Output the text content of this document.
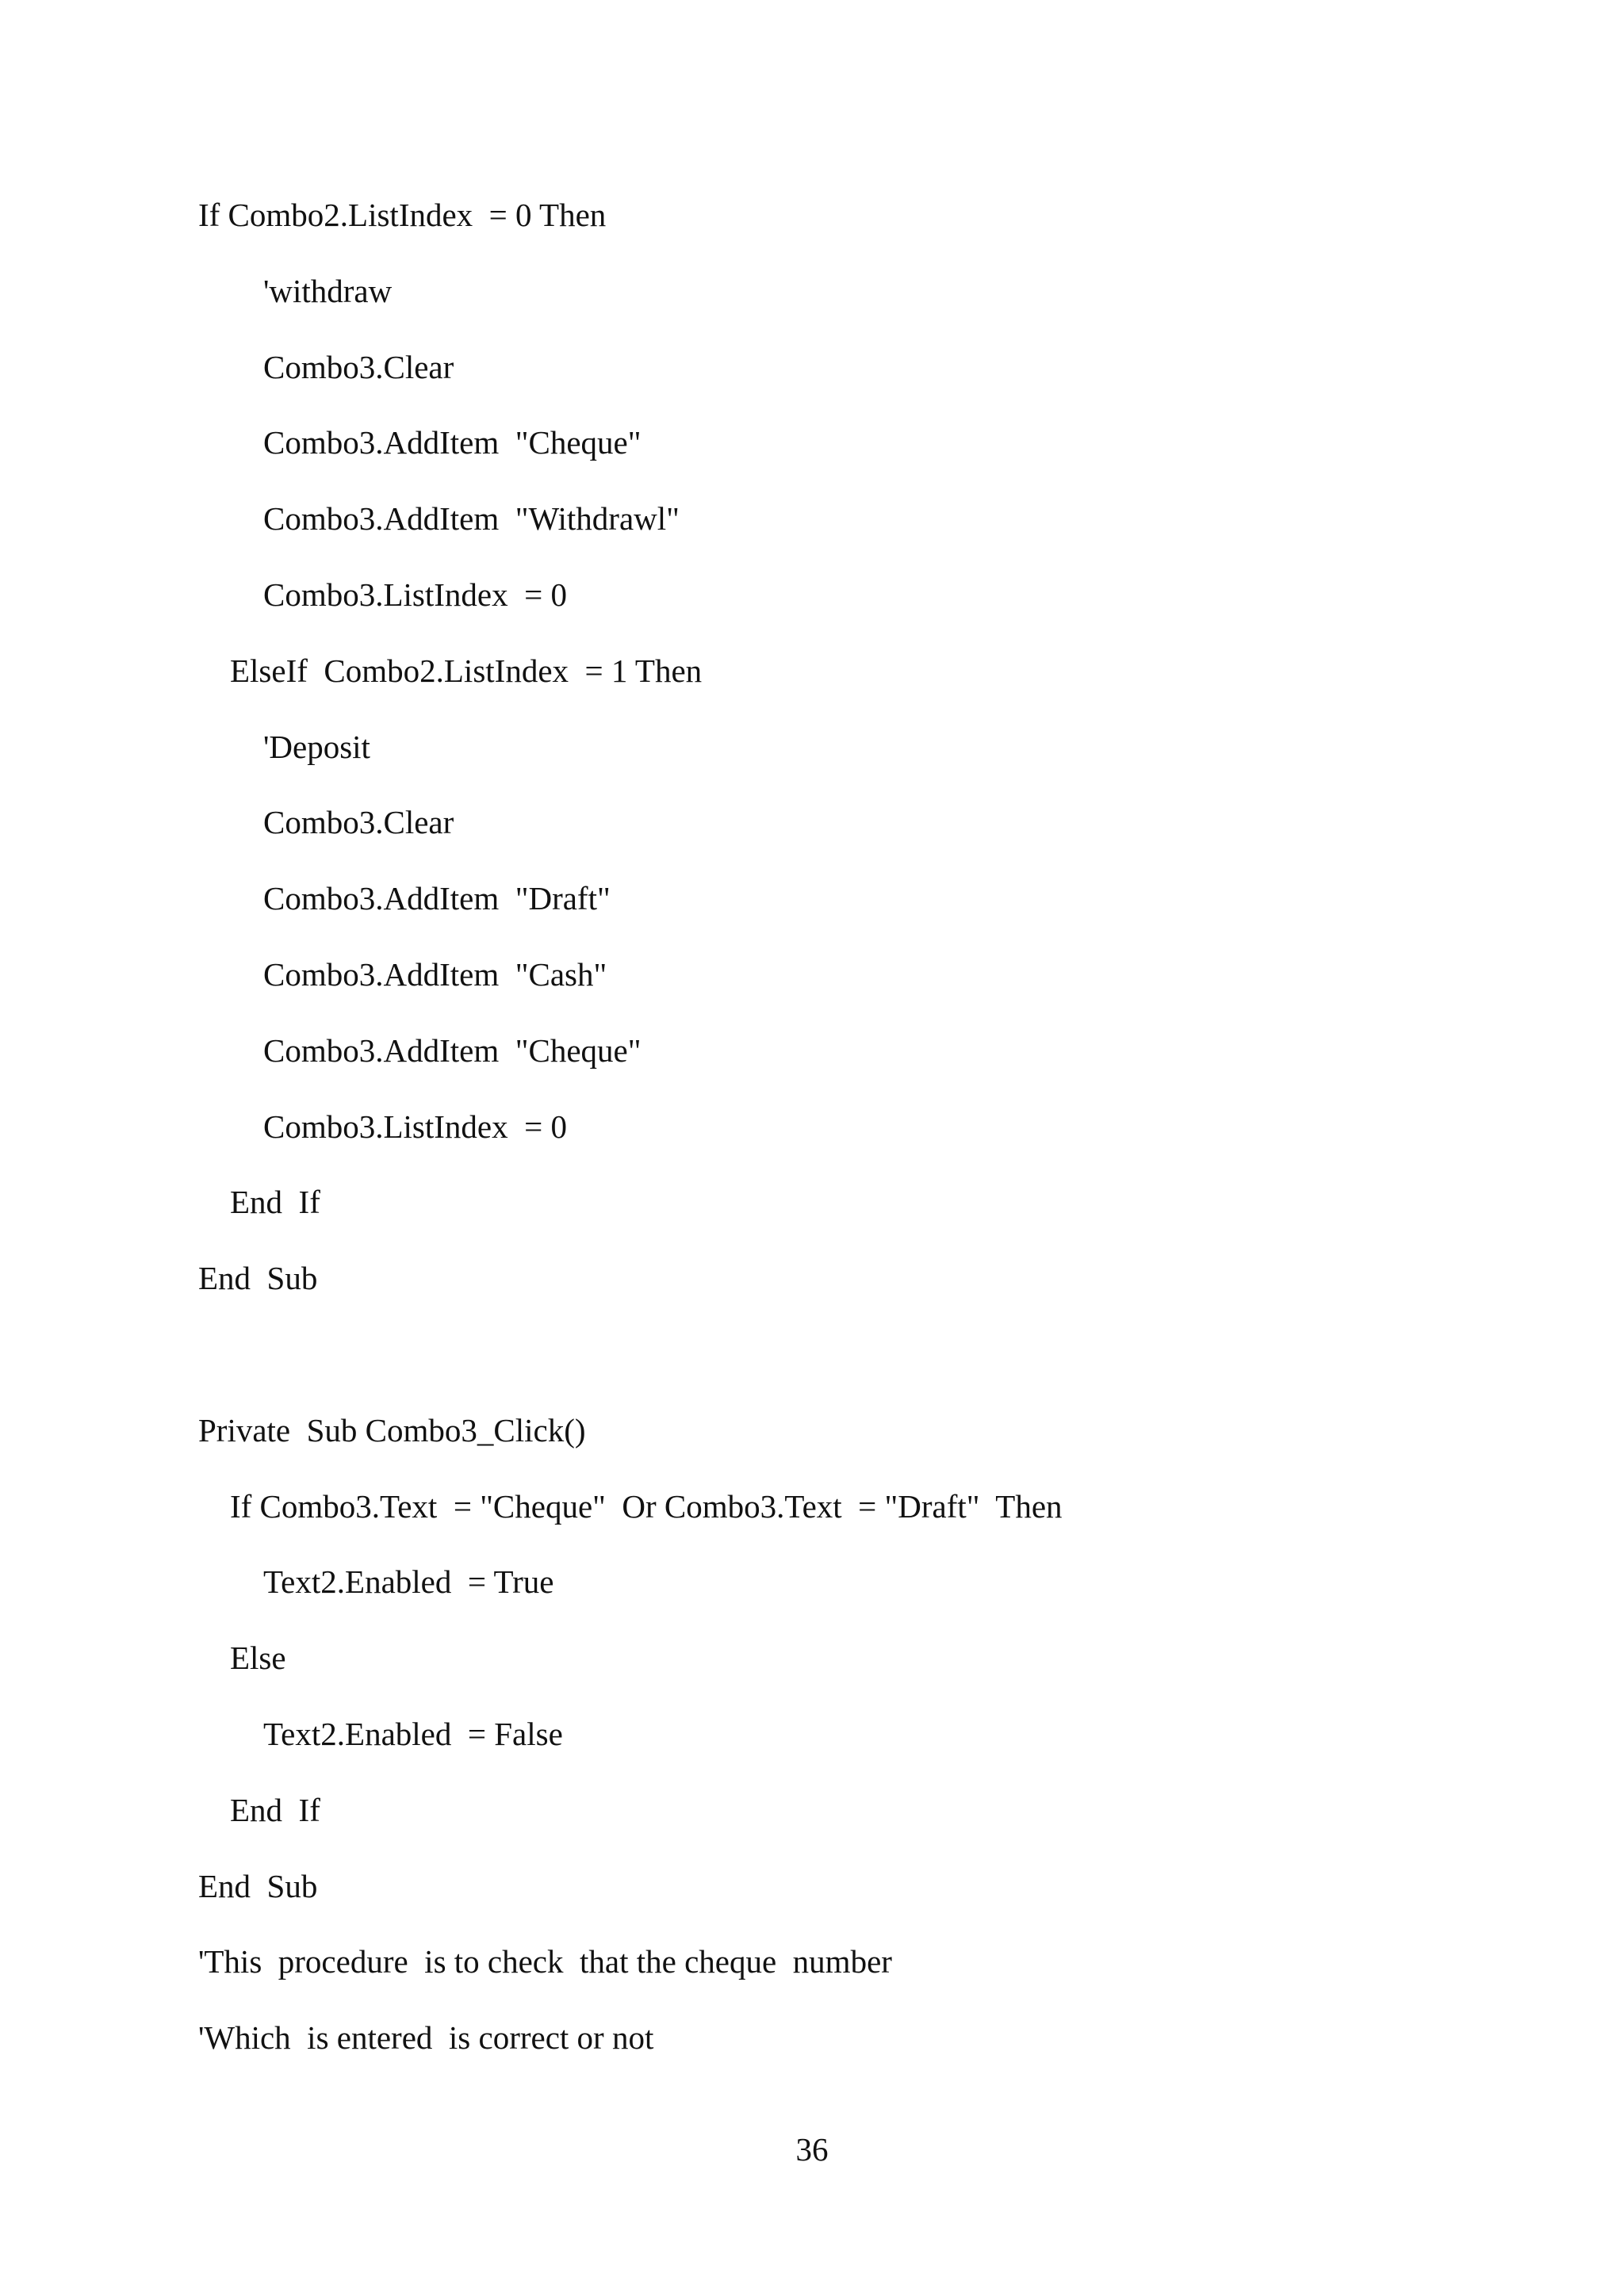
If Combo2.ListIndex  = 0 Then
'withdraw
Combo3.Clear
Combo3.AddItem  "Cheque"
Combo3.AddItem  "Withdrawl"
Combo3.ListIndex  = 0
ElseIf  Combo2.ListIndex  = 1 Then
'Deposit
Combo3.Clear
Combo3.AddItem  "Draft"
Combo3.AddItem  "Cash"
Combo3.AddItem  "Cheque"
Combo3.ListIndex  = 0
End  If
End  Sub
Private  Sub Combo3_Click()
If Combo3.Text  = "Cheque"  Or Combo3.Text  = "Draft"  Then
Text2.Enabled  = True
Else
Text2.Enabled  = False
End  If
End  Sub
'This  procedure  is to check  that the cheque  number
'Which  is entered  is correct or not
36
